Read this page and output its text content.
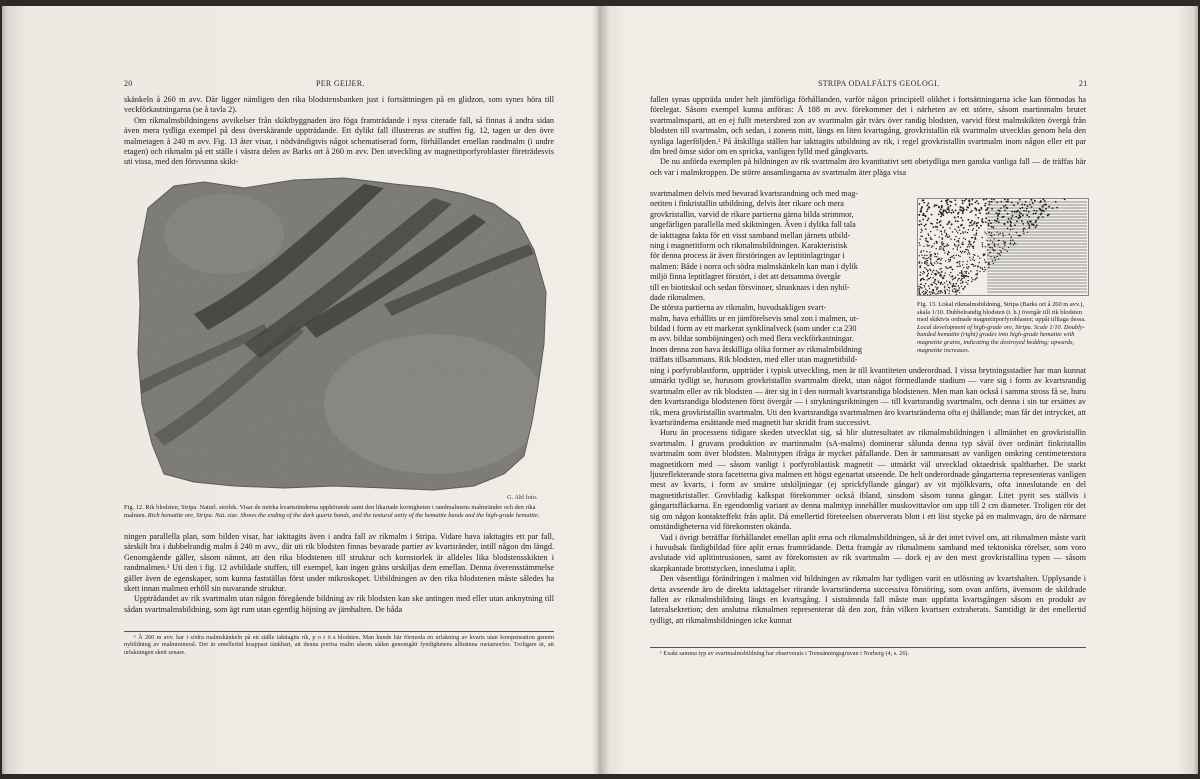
20	PER GEIJER.

skänkeln å 260 m avv. Där ligger nämligen den rika blodstensbanken just i fortsättningen på en glidzon, som synes höra till veckförkastningarna (se å tavla 2).

Om rikmalmsbildningens avvikelser från skiktbyggnaden äro föga framträdande i nyss citerade fall, så finnas å andra sidan även mera tydliga exempel på dess överskärande uppträdande. Ett dylikt fall illustreras av stuffen fig. 12, tagen ur den övre malmetagen å 240 m avv. Fig. 13 åter visar, i nödvändigtvis något schematiserad form, förhållandet emellan randmalm (i undre etagen) och rikmalm på ett ställe i västra delen av Barks ort å 260 m avv. Den utveckling av magnetitporfyroblaster företrädesvis uti vissa, med den försvunna skikt-

G. Ahl foto.
Fig. 12. Rik blodsten, Stripa. Naturl. storlek. Visar de mörka kvartsränderna upphörande samt den likartade kornigheten i randmalmens malmränder och den rika malmen. Rich hematite ore, Stripa. Nat. size. Shows the ending of the dark quartz bands, and the textural unity of the hematite bands and the high-grade hematite.

ningen parallella plan, som bilden visar, har iakttagits även i andra fall av rikmalm i Stripa. Vidare hava iakttagits ett par fall, särskilt bra i dubbelrandig malm å 240 m avv., där uti rik blodsten finnas bevarade partier av kvartsränder, intill någon dm längd. Genomgående gäller, såsom nämnt, att den rika blodstenen till struktur och kornstorlek är alldeles lika blodstensskikten i randmalmen.¹ Uti den i fig. 12 avbildade stuffen, till exempel, kan ingen gräns urskiljas dem emellan. Denna överensstämmelse gäller även de egenskaper, som kunna fastställas först under mikroskopet. Utbildningen av den rika blodstenen måste således ha skett innan malmen erhöll sin nuvarande struktur.

Uppträdandet av rik svartmalm utan någon föregående bildning av rik blodsten kan ske antingen med eller utan anknytning till sådan svartmalmsbildning, som ägt rum utan egentlig höjning av järnhalten. De båda

¹ Å 260 m avv. har i södra malmskänkeln på ett ställe iakttagits rik, p o r ö s blodsten. Man kunde här förmoda en urlakning av kvarts utan kompensation genom nybildning av malmmineral. Det är emellertid knappast tänkbart, att denna porösa malm såsom sådan genomgått fyndighetens allmänna metamorfos. Troligare är, att urlakningen skett senare.

STRIPA ODALFÄLTS GEOLOGI.	21

fallen synas uppträda under helt jämförliga förhållanden, varför någon principiell olikhet i fortsättningarna icke kan förmodas ha förelegat. Såsom exempel kunna anföras: Å 188 m avv. förekommer det i närheten av ett större, såsom martinmalm brutet svartmalmsparti, att en ej fullt metersbred zon av svartmalm går tvärs över randig blodsten, varvid först malmskikten övergå från blodsten till svartmalm, och sedan, i zonens mitt, längs en liten kvartsgång, grovkristallin rik svartmalm utvecklas genom hela den synliga lagerföljden.¹ På åtskilliga ställen har iakttagits utbildning av rik, i regel grovkristallin svartmalm inom någon eller ett par dm bred ömse sidor om en spricka, vanligen fylld med gångkvarts.

De nu anförda exemplen på bildningen av rik svartmalm äro kvantitativt sett obetydliga men ganska vanliga fall — de träffas här och var i malmkroppen. De större ansamlingarna av svartmalm äter pläga visa

svartmalmen delvis med bevarad kvartsrandning och med mag-
netiten i finkristallin utbildning, delvis åter rikare och mera
grovkristallin, varvid de rikare partierna gärna bilda strimmor,
ungefärligen parallella med skiktningen. Även i dylika fall tala
de iakttagna fakta för ett visst samband mellan järnets utbild-
ning i magnetitform och rikmalmsbildningen. Karakteristisk
för denna process är även förstöringen av leptitinlagringar i
malmen: Både i norra och södra malmskänkeln kan man i dylik
miljö finna leptitlagret förstört, i det att detsamma övergår
till en biotitskol och sedan försvinner, slrunknars i den nybil-
dade rikmalmen.
De största partierna av rikmalm, huvudsakligen svart-
malm, hava erhållits ur en jämförelsevis smal zon i malmen, ut-
bildad i form av ett markerat synklinalveck (som under c:a 230
m avv. bildar somböjningen) och med flera veckförkastningar.
Inom denna zon hava åtskilliga olika former av rikmalmbildning
träffats tillsammans. Rik blodsten, med eller utan magnetitbild-
Fig. 13. Lokal rikmalmsbildning, Stripa (Barks ort å 260 m avv.), skala 1/10. Dubbelrandig blodsten (t. h.) övergår till rik blodsten med skiktvis ordnade magnetitporfyroblaster; uppåt tilltaga dessa. Local development of high-grade ore, Stripa. Scale 1/10. Doubly-banded hematite (right) grades into high-grade hematite with magnetite grains, indicating the destroyed bedding; upwards, magnetite increases.

ning i porfyroblastform, uppträder i typisk utveckling, men är till kvantiteten underordnad. I vissa brytningsstadier har man kunnat utmärkt tydligt se, hurusom grovkristallin svartmalm direkt, utan något förmedlande stadium — vare sig i form av kvartsrandig svartmalm eller av rik blodsten — äter sig in i den normalt kvartsrandiga blodstenen. Men man kan också i samma stross få se, huru den kvartsrandiga blodstenen först övergår — i strykningsriktningen — till kvartsrandig svartmalm, och denna i sin tur ersättes av rik, mera grovkristallin svartmalm. Uti den kvartsrandiga svartmalmen äro kvartsränderna ofta ej ihållande; man får det intrycket, att kvartsränderna ersättande med magnetit har skridit fram successivt.

Huru än processens tidigare skeden utvecklat sig, så blir slutresultatet av rikmalmsbildningen i allmänhet en grovkristallin svartmalm. I gruvans produktion av martinmalm (sA-malms) dominerar sålunda denna typ såväl över ordinärt finkristallin svartmalm som över blodsten. Malmtypen ifråga är mycket påfallande. Den är sammansatt av vanligen omkring centimeterstora magnetitkorn med — såsom vanligt i porfyroblastisk magnetit — utmärkt väl utvecklad oktaedrisk spaltbarhet. De starkt ljusreflekterande stora facetterna giva malmen ett högst egenartat utseende. De helt underordnade gångarterna representeras vanligen mest av kvarts, i form av smärre utskiljningar (ej sprickfyllande gångar) av vit mjölkkvarts, ofta inneslutande en del magnetitkristaller. Grovbladig kalkspat förekommer också ibland, sinsdom såsom tunna gångar. Litet pyrit ses ställvis i gångartsfläckarna. En egendomlig variant av denna malmtyp innehåller muskovittavlor om upp till 2 cm diameter. Troligen rör det sig om någon kontakteffekt från aplit. Då emellertid företeelsen observerats blott i ett löst stycke på en malmvagn, äro de närmare omständigheterna vid förekomsten okända.

Vad i övrigt beträffar förhållandet emellan aplit erna och rikmalmsbildningen, så är det intet tvivel om, att rikmalmen måste varit i huvudsak färdigbildad före aplit ernas framträdande. Detta framgår av rikmalmens samband med tektoniska rörelser, som voro avslutade vid aplitintrusionen, samt av förekomsten av rik svartmalm — dock ej av den mest grovkristallina typen — såsom skarpkantade brottstycken, inneslutna i aplit.

Den väsentliga förändringen i malmen vid bildningen av rikmalm har tydligen varit en utlösning av kvartshalten. Upplysande i detta avseende äro de direkta iakttagelser rörande kvartsränderna successiva förstöring, som ovan anförts, ävensom de skildrade fallen av rikmalmsbildning längs en kvartsgång. I sistnämnda fall måste man uppfatta kvartsgången såsom en produkt av lateralsekretion; den anslutna rikmalmen representerar då den zon, från vilken kvartsen extraherats. Samtidigt är det emellertid tydligt, att rikmalmsbildningen icke kunnat

¹ Exakt samma typ av svartmalmsbildning har observerats i Trensänningsgruvan i Norberg (4, s. 26).
